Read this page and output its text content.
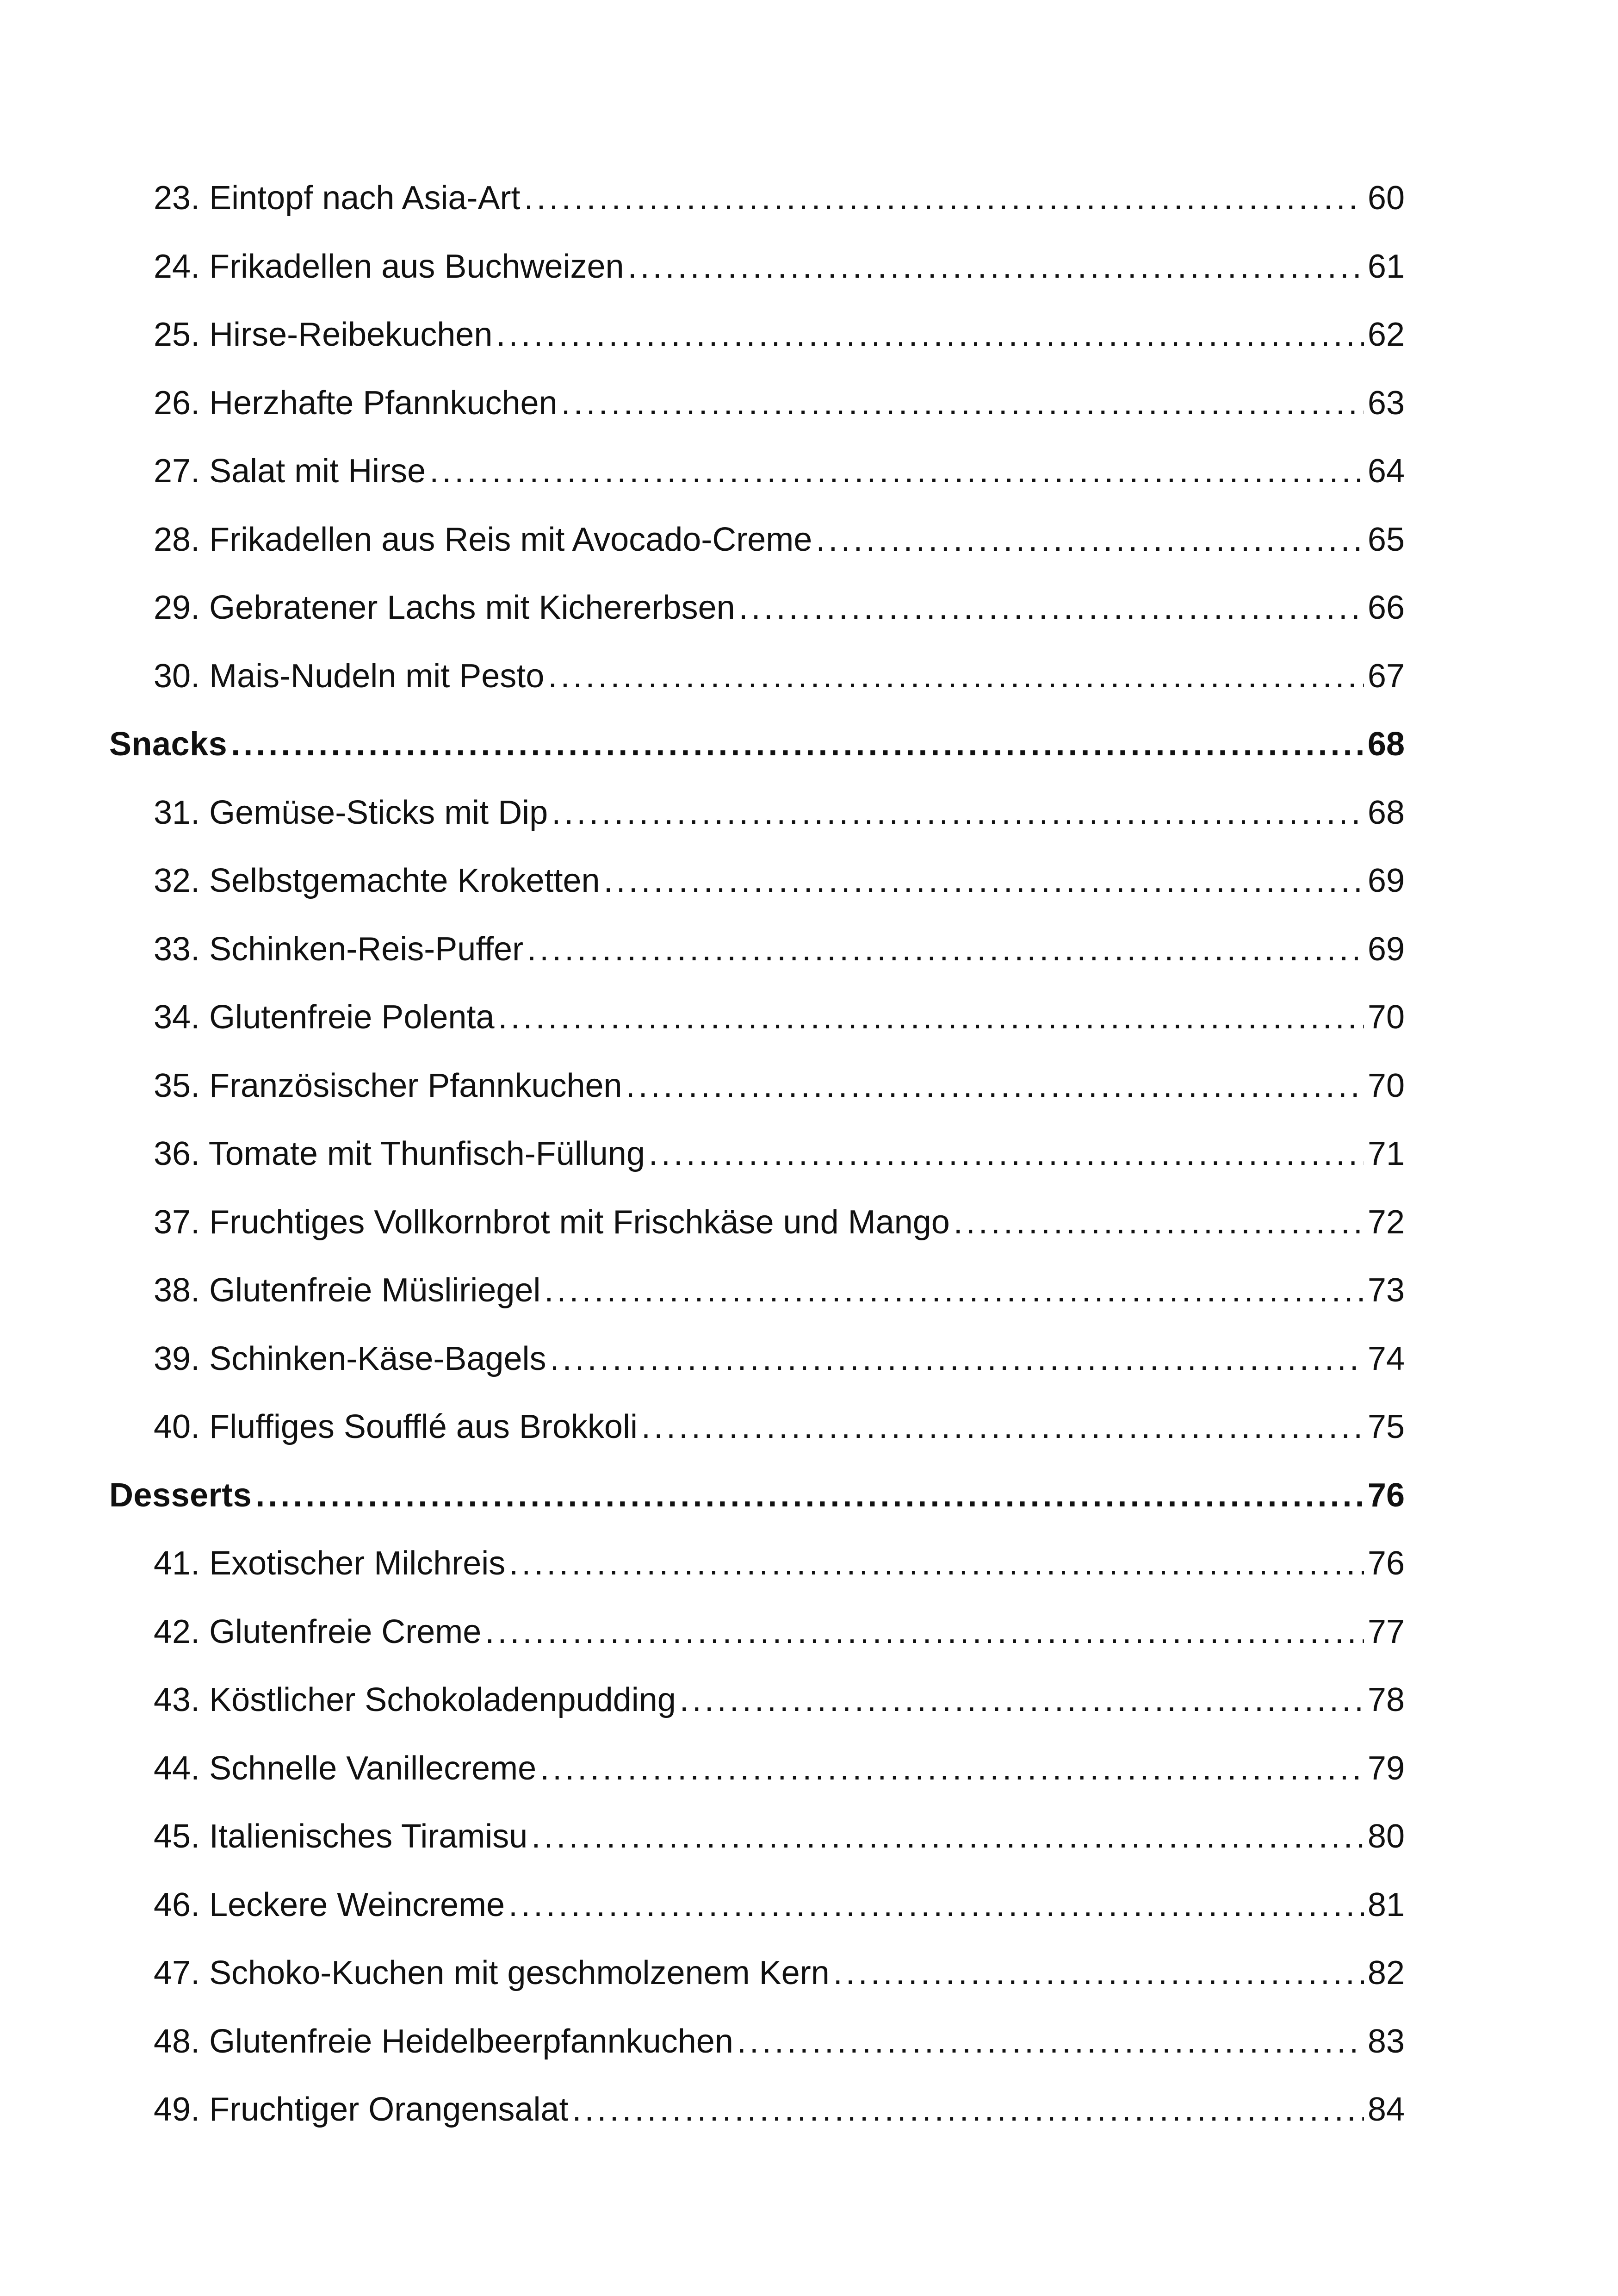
23. Eintopf nach Asia-Art .....	60
24. Frikadellen aus Buchweizen .....	61
25. Hirse-Reibekuchen .....	62
26. Herzhafte Pfannkuchen .....	63
27. Salat mit Hirse .....	64
28. Frikadellen aus Reis mit Avocado-Creme .....	65
29. Gebratener Lachs mit Kichererbsen .....	66
30. Mais-Nudeln mit Pesto .....	67
Snacks .....	68
31. Gemüse-Sticks mit Dip .....	68
32. Selbstgemachte Kroketten .....	69
33. Schinken-Reis-Puffer .....	69
34. Glutenfreie Polenta .....	70
35. Französischer Pfannkuchen .....	70
36. Tomate mit Thunfisch-Füllung .....	71
37. Fruchtiges Vollkornbrot mit Frischkäse und Mango .....	72
38. Glutenfreie Müsliriegel .....	73
39. Schinken-Käse-Bagels .....	74
40. Fluffiges Soufflé aus Brokkoli .....	75
Desserts .....	76
41. Exotischer Milchreis .....	76
42. Glutenfreie Creme .....	77
43. Köstlicher Schokoladenpudding .....	78
44. Schnelle Vanillecreme .....	79
45. Italienisches Tiramisu .....	80
46. Leckere Weincreme .....	81
47. Schoko-Kuchen mit geschmolzenem Kern .....	82
48. Glutenfreie Heidelbeerpfannkuchen .....	83
49. Fruchtiger Orangensalat .....	84
